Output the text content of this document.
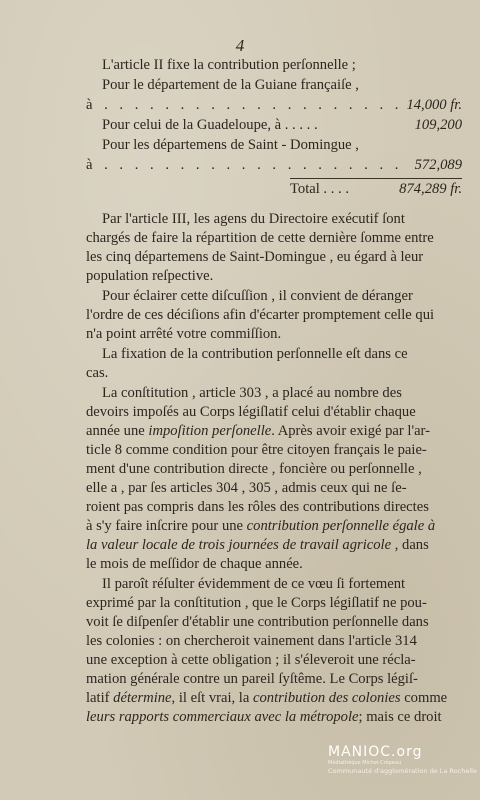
4
L'article II fixe la contribution perſonnelle ;
Pour le département de la Guiane françaiſe ,
à . . . . . . . . . . . . . . . . . . . . 14,000 fr.
Pour celui de la Guadeloupe, à . . . . .	109,200
Pour les départemens de Saint - Domingue ,
à . . . . . . . . . . . . . . . . . . . . 572,089
Total . . . .	874,289 fr.
Par l'article III, les agens du Directoire exécutif ſont
chargés de faire la répartition de cette dernière ſomme entre
les cinq départemens de Saint-Domingue , eu égard à leur
population reſpective.
Pour éclairer cette diſcuſſion , il convient de déranger
l'ordre de ces déciſions afin d'écarter promptement celle qui
n'a point arrêté votre commiſſion.
La fixation de la contribution perſonnelle eſt dans ce
cas.
La conſtitution , article 303 , a placé au nombre des
devoirs impoſés au Corps légiſlatif celui d'établir chaque
année une impoſition perſonelle. Après avoir exigé par l'ar-
ticle 8 comme condition pour être citoyen français le paie-
ment d'une contribution directe , foncière ou perſonnelle ,
elle a , par ſes articles 304 , 305 , admis ceux qui ne ſe-
roient pas compris dans les rôles des contributions directes
à s'y faire inſcrire pour une contribution perſonnelle égale à
la valeur locale de trois journées de travail agricole , dans
le mois de meſſidor de chaque année.
Il paroît réſulter évidemment de ce vœu ſi fortement
exprimé par la conſtitution , que le Corps légiſlatif ne pou-
voit ſe diſpenſer d'établir une contribution perſonnelle dans
les colonies : on chercheroit vainement dans l'article 314
une exception à cette obligation ; il s'éleveroit une récla-
mation générale contre un pareil ſyſtême. Le Corps légiſ-
latif détermine, il eſt vrai, la contribution des colonies comme
leurs rapports commerciaux avec la métropole; mais ce droit
MANIOC.org
Médiathèque Michel-Crépeau
Communauté d'agglomération de La Rochelle
